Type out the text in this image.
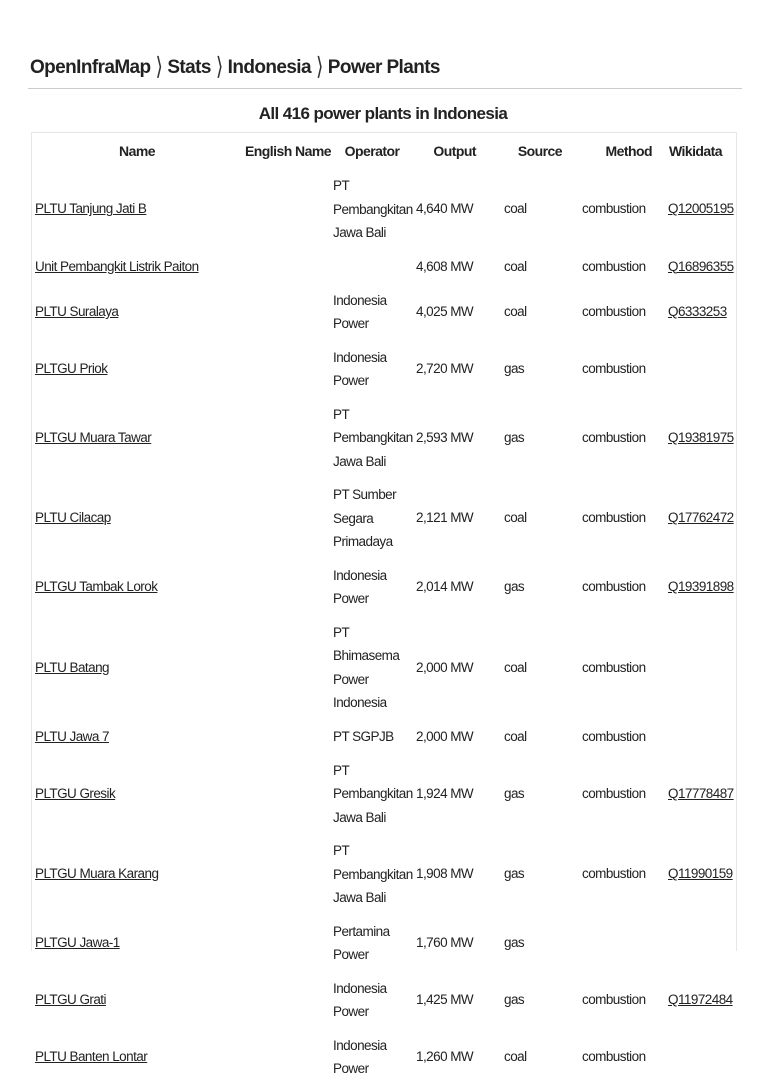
OpenInfraMap ⟩ Stats ⟩ Indonesia ⟩ Power Plants
All 416 power plants in Indonesia
Name	English Name	Operator	Output	Source	Method	Wikidata
PLTU Tanjung Jati B		PT Pembangkitan Jawa Bali	4,640 MW	coal	combustion	Q12005195
Unit Pembangkit Listrik Paiton			4,608 MW	coal	combustion	Q16896355
PLTU Suralaya		Indonesia Power	4,025 MW	coal	combustion	Q6333253
PLTGU Priok		Indonesia Power	2,720 MW	gas	combustion	
PLTGU Muara Tawar		PT Pembangkitan Jawa Bali	2,593 MW	gas	combustion	Q19381975
PLTU Cilacap		PT Sumber Segara Primadaya	2,121 MW	coal	combustion	Q17762472
PLTGU Tambak Lorok		Indonesia Power	2,014 MW	gas	combustion	Q19391898
PLTU Batang		PT Bhimasema Power Indonesia	2,000 MW	coal	combustion	
PLTU Jawa 7		PT SGPJB	2,000 MW	coal	combustion	
PLTGU Gresik		PT Pembangkitan Jawa Bali	1,924 MW	gas	combustion	Q17778487
PLTGU Muara Karang		PT Pembangkitan Jawa Bali	1,908 MW	gas	combustion	Q11990159
PLTGU Jawa-1		Pertamina Power	1,760 MW	gas		
PLTGU Grati		Indonesia Power	1,425 MW	gas	combustion	Q11972484
PLTU Banten Lontar		Indonesia Power	1,260 MW	coal	combustion	
